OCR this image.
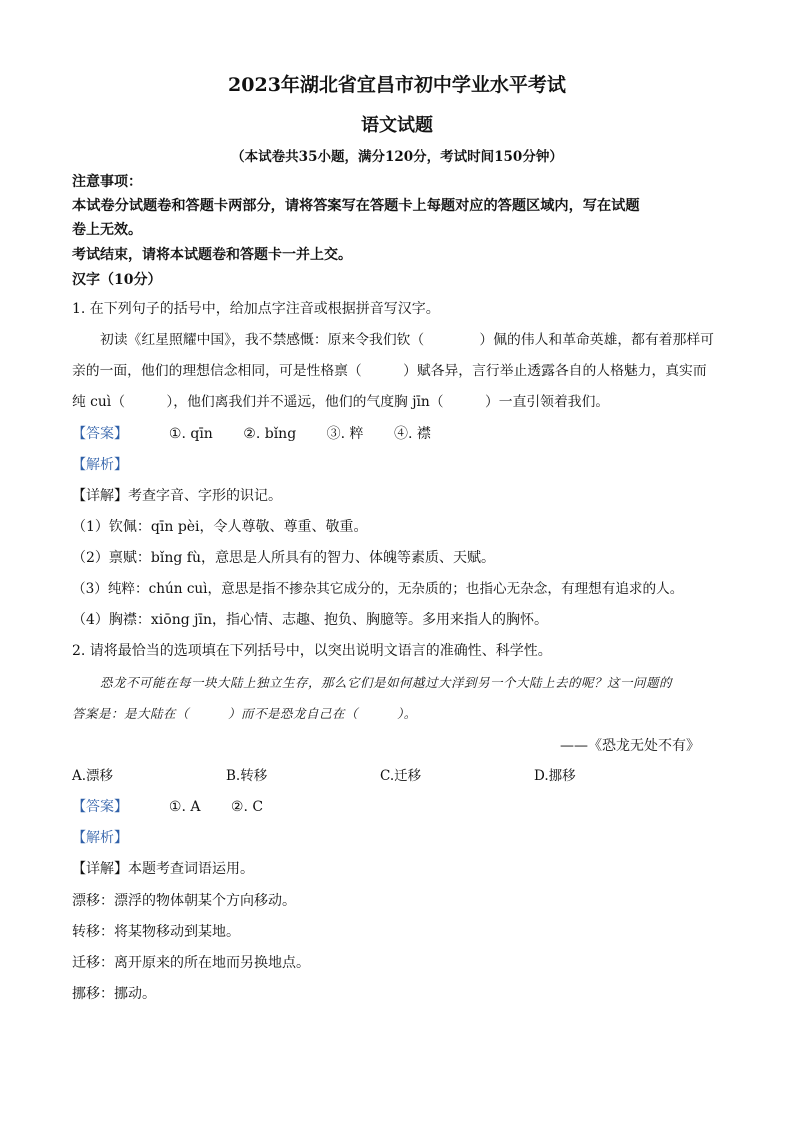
2023年湖北省宜昌市初中学业水平考试
语文试题
（本试卷共35小题，满分120分，考试时间150分钟）
注意事项：
本试卷分试题卷和答题卡两部分，请将答案写在答题卡上每题对应的答题区域内，写在试题
卷上无效。
考试结束，请将本试题卷和答题卡一并上交。
汉字（10分）
1. 在下列句子的括号中，给加点字注音或根据拼音写汉字。
初读《红星照耀中国》，我不禁感慨：原来令我们钦（　　　　）佩的伟人和革命英雄，都有着那样可
亲的一面，他们的理想信念相同，可是性格禀（　　　）赋各异，言行举止透露各自的人格魅力，真实而
纯 cuì（　　　），他们离我们并不遥远，他们的气度胸 jīn（　　　）一直引领着我们。
【答案】	①. qīn ②. bǐng ③. 粹 ④. 襟
【解析】
【详解】考查字音、字形的识记。
（1）钦佩：qīn pèi，令人尊敬、尊重、敬重。
（2）禀赋：bǐng fù，意思是人所具有的智力、体魄等素质、天赋。
（3）纯粹：chún cuì，意思是指不掺杂其它成分的，无杂质的；也指心无杂念，有理想有追求的人。
（4）胸襟：xiōng jīn，指心情、志趣、抱负、胸臆等。多用来指人的胸怀。
2. 请将最恰当的选项填在下列括号中，以突出说明文语言的准确性、科学性。
恐龙不可能在每一块大陆上独立生存，那么它们是如何越过大洋到另一个大陆上去的呢？这一问题的
答案是：是大陆在（　　　）而不是恐龙自己在（　　　）。
——《恐龙无处不有》
A.漂移	B.转移	C.迁移	D.挪移
【答案】	①. A ②. C
【解析】
【详解】本题考查词语运用。
漂移：漂浮的物体朝某个方向移动。
转移：将某物移动到某地。
迁移：离开原来的所在地而另换地点。
挪移：挪动。
